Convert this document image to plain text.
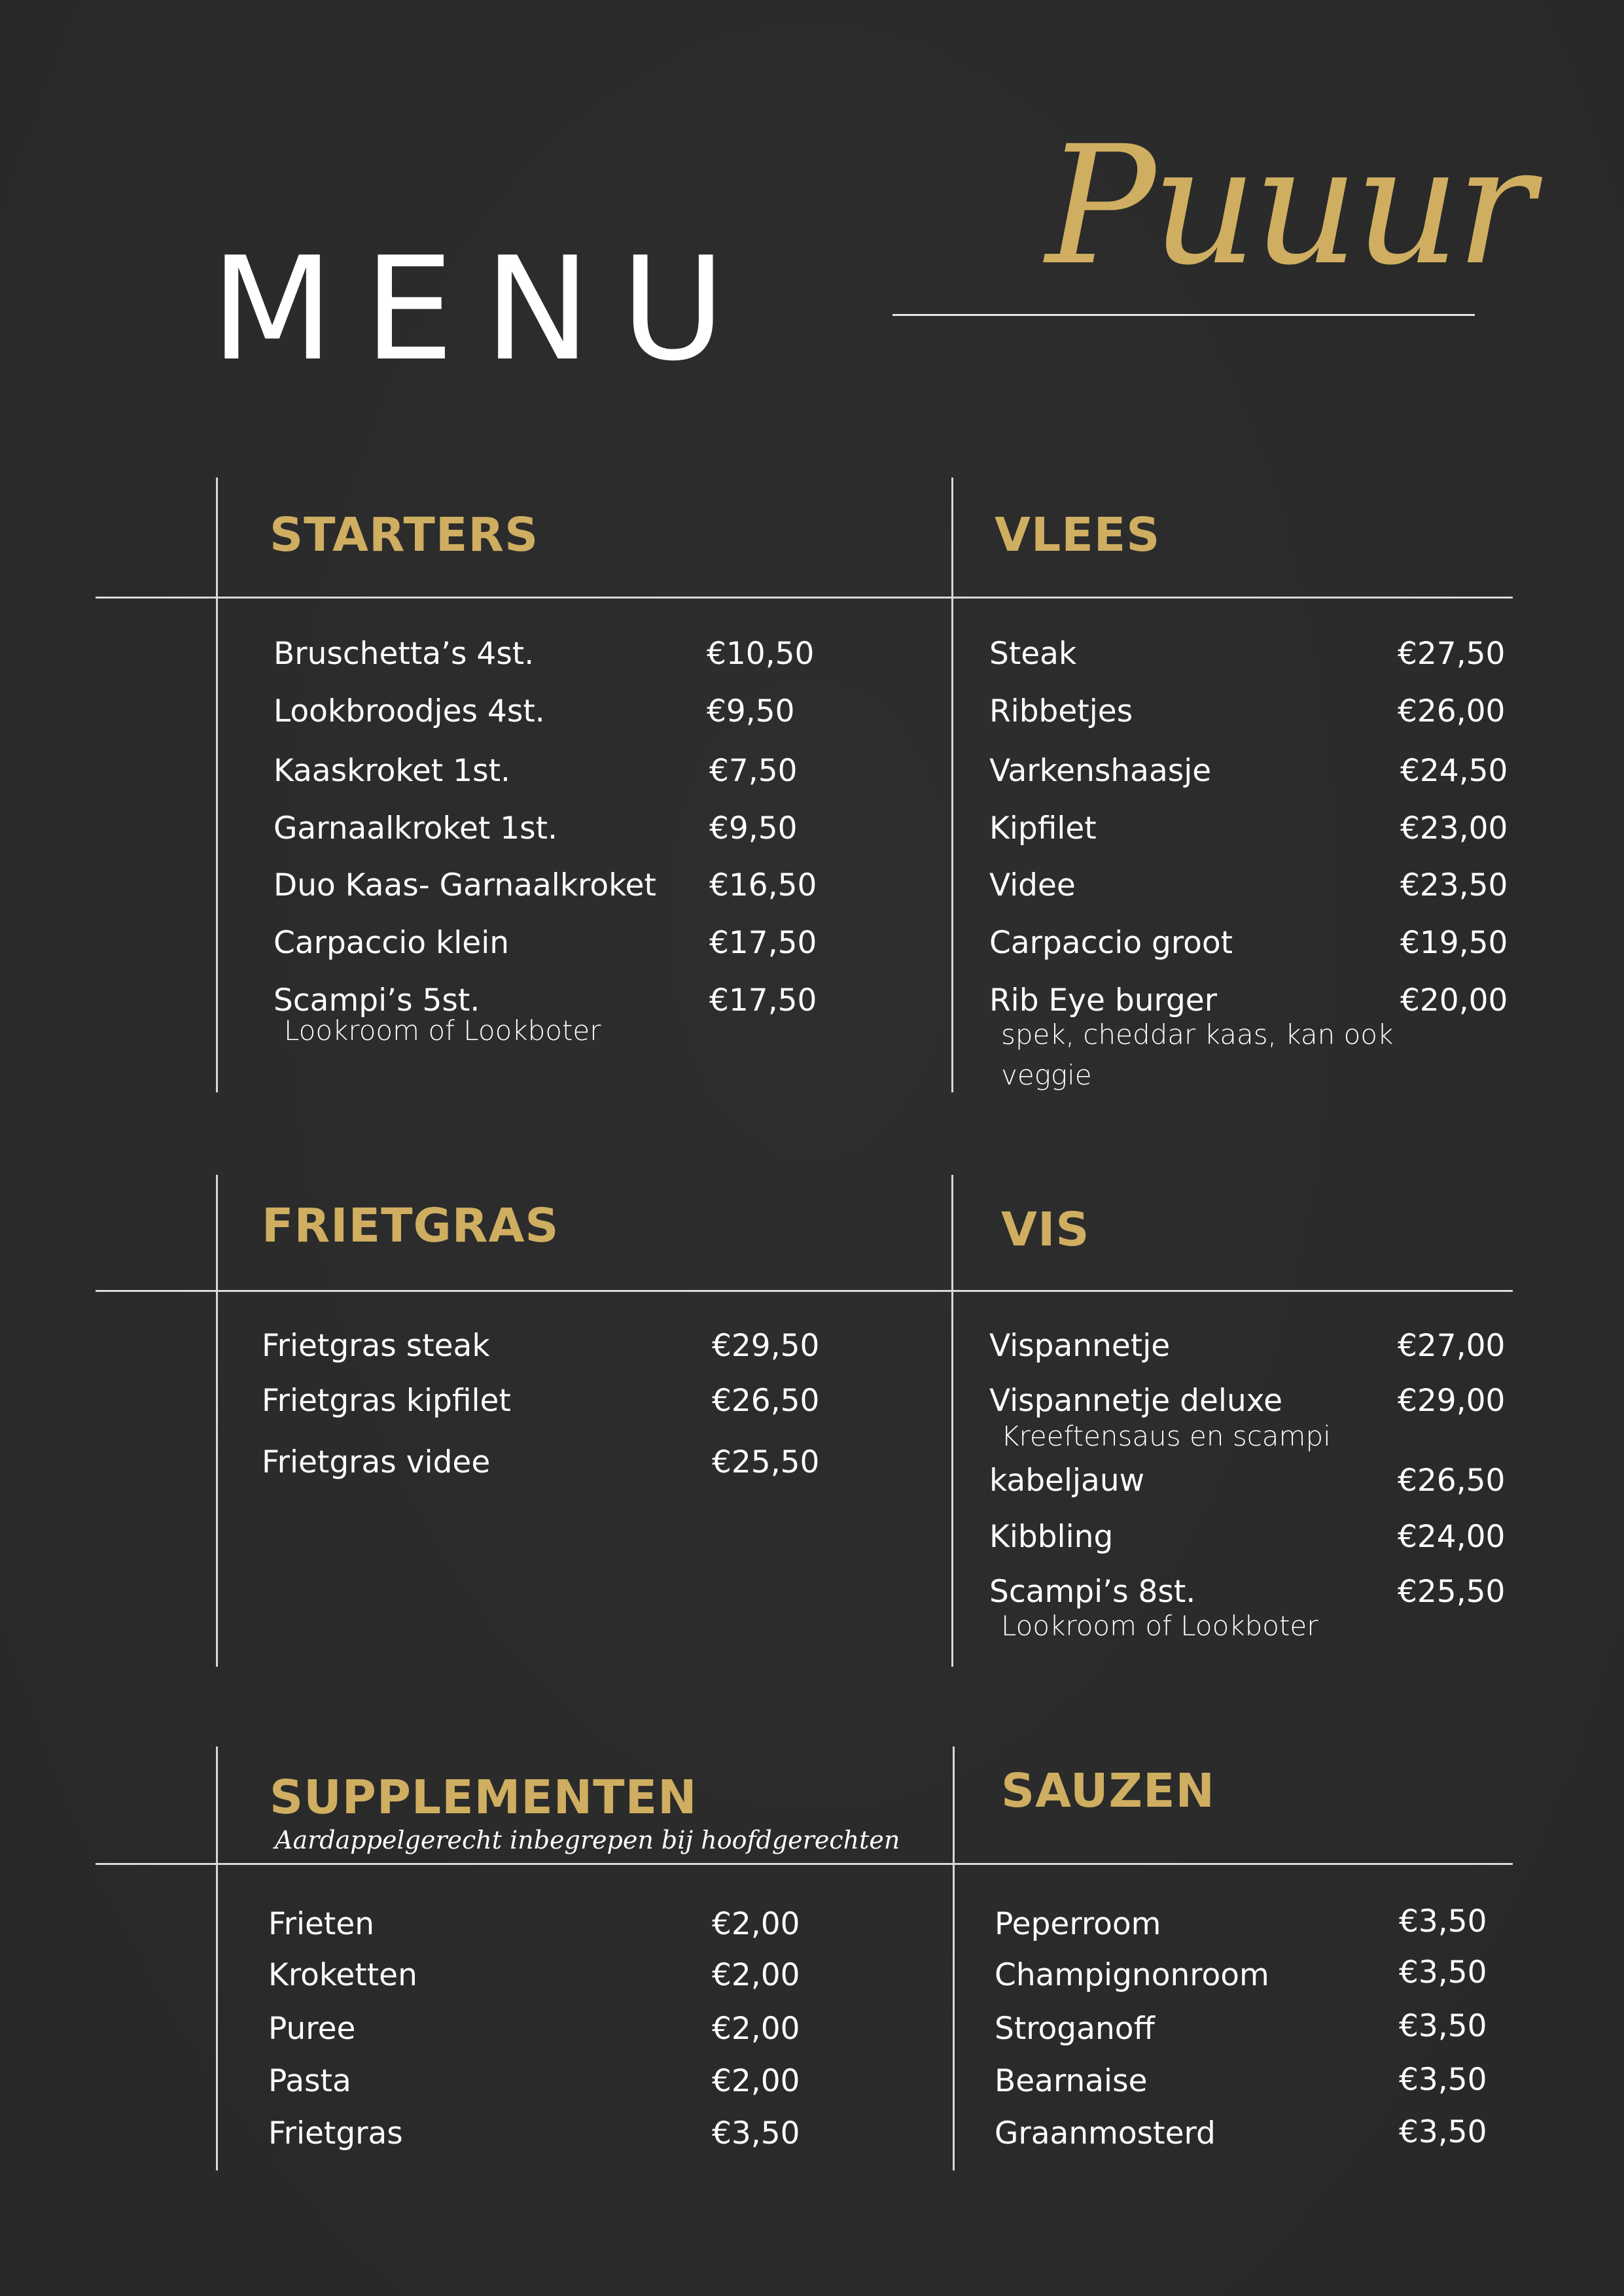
MENU
Puuur
STARTERS	VLEES
Bruschetta’s 4st.	€10,50
Lookbroodjes 4st.	€9,50
Kaaskroket 1st.	€7,50
Garnaalkroket 1st.	€9,50
Duo Kaas- Garnaalkroket €16,50
Carpaccio klein	€17,50
Scampi’s 5st.	€17,50
Lookroom of Lookboter
Steak	€27,50
Ribbetjes	€26,00
Varkenshaasje	€24,50
Kipfilet	€23,00
Videe	€23,50
Carpaccio groot	€19,50
Rib Eye burger	€20,00
spek, cheddar kaas, kan ook
veggie
FRIETGRAS	VIS
Frietgras steak	€29,50
Frietgras kipfilet	€26,50
Frietgras videe	€25,50
Vispannetje	€27,00
Vispannetje deluxe	€29,00
Kreeftensaus en scampi
kabeljauw	€26,50
Kibbling	€24,00
Scampi’s 8st.	€25,50
Lookroom of Lookboter
SUPPLEMENTEN
Aardappelgerecht inbegrepen bij hoofdgerechten
SAUZEN
Frieten	€2,00
Kroketten	€2,00
Puree	€2,00
Pasta	€2,00
Frietgras	€3,50
Peperroom	€3,50
Champignonroom	€3,50
Stroganoff	€3,50
Bearnaise	€3,50
Graanmosterd	€3,50
